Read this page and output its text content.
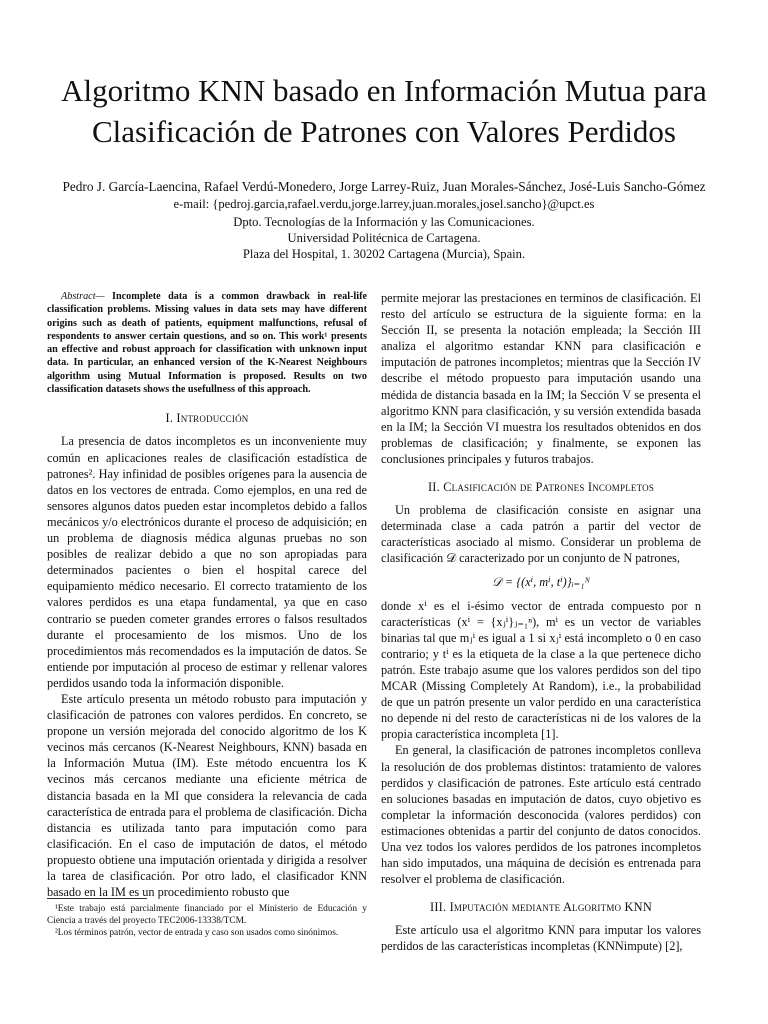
Algoritmo KNN basado en Información Mutua para Clasificación de Patrones con Valores Perdidos
Pedro J. García-Laencina, Rafael Verdú-Monedero, Jorge Larrey-Ruiz, Juan Morales-Sánchez, José-Luis Sancho-Gómez
e-mail: {pedroj.garcia,rafael.verdu,jorge.larrey,juan.morales,josel.sancho}@upct.es
Dpto. Tecnologías de la Información y las Comunicaciones.
Universidad Politécnica de Cartagena.
Plaza del Hospital, 1. 30202 Cartagena (Murcia), Spain.

Abstract— Incomplete data is a common drawback in real-life classification problems. Missing values in data sets may have different origins such as death of patients, equipment malfunctions, refusal of respondents to answer certain questions, and so on. This work¹ presents an effective and robust approach for classification with unknown input data. In particular, an enhanced version of the K-Nearest Neighbours algorithm using Mutual Information is proposed. Results on two classification datasets shows the usefullness of this approach.

I. Introducción

La presencia de datos incompletos es un inconveniente muy común en aplicaciones reales de clasificación estadística de patrones². Hay infinidad de posibles orígenes para la ausencia de datos en los vectores de entrada. Como ejemplos, en una red de sensores algunos datos pueden estar incompletos debido a fallos mecánicos y/o electrónicos durante el proceso de adquisición; en un problema de diagnosis médica algunas pruebas no son posibles de realizar debido a que no son apropiadas para determinados pacientes o bien el hospital carece del equipamiento médico necesario. El correcto tratamiento de los valores perdidos es una etapa fundamental, ya que en caso contrario se pueden cometer grandes errores o falsos resultados durante el procesamiento de los mismos. Uno de los procedimientos más recomendados es la imputación de datos. Se entiende por imputación al proceso de estimar y rellenar valores perdidos usando toda la información disponible.

Este artículo presenta un método robusto para imputación y clasificación de patrones con valores perdidos. En concreto, se propone un versión mejorada del conocido algoritmo de los K vecinos más cercanos (K-Nearest Neighbours, KNN) basada en la Información Mutua (IM). Este método encuentra los K vecinos más cercanos mediante una eficiente métrica de distancia basada en la MI que considera la relevancia de cada característica de entrada para el problema de clasificación. Dicha distancia es utilizada tanto para imputación como para clasificación. En el caso de imputación de datos, el método propuesto obtiene una imputación orientada y dirigida a resolver la tarea de clasificación. Por otro lado, el clasificador KNN basado en la IM es un procedimiento robusto que

permite mejorar las prestaciones en terminos de clasificación. El resto del artículo se estructura de la siguiente forma: en la Sección II, se presenta la notación empleada; la Sección III analiza el algoritmo estandar KNN para clasificación e imputación de patrones incompletos; mientras que la Sección IV describe el método propuesto para imputación usando una médida de distancia basada en la IM; la Sección V se presenta el algoritmo KNN para clasificación, y su versión extendida basada en la IM; la Sección VI muestra los resultados obtenidos en dos problemas de clasificación; y finalmente, se exponen las conclusiones principales y futuros trabajos.

II. Clasificación de Patrones Incompletos

Un problema de clasificación consiste en asignar una determinada clase a cada patrón a partir del vector de características asociado al mismo. Considerar un problema de clasificación 𝒟 caracterizado por un conjunto de N patrones,

𝒟 = {(xⁱ, mⁱ, tⁱ)}ᵢ₌₁ᴺ

donde xⁱ es el i-ésimo vector de entrada compuesto por n características (xⁱ = {xⱼⁱ}ⱼ₌₁ⁿ), mⁱ es un vector de variables binarias tal que mⱼⁱ es igual a 1 si xⱼⁱ está incompleto o 0 en caso contrario; y tⁱ es la etiqueta de la clase a la que pertenece dicho patrón. Este trabajo asume que los valores perdidos son del tipo MCAR (Missing Completely At Random), i.e., la probabilidad de que un patrón presente un valor perdido en una característica no depende ni del resto de características ni de los valores de la propia característica incompleta [1].

En general, la clasificación de patrones incompletos conlleva la resolución de dos problemas distintos: tratamiento de valores perdidos y clasificación de patrones. Este artículo está centrado en soluciones basadas en imputación de datos, cuyo objetivo es completar la información desconocida (valores perdidos) con estimaciones obtenidas a partir del conjunto de datos conocidos. Una vez todos los valores perdidos de los patrones incompletos han sido imputados, una máquina de decisión es entrenada para resolver el problema de clasificación.

III. Imputación mediante Algoritmo KNN

Este artículo usa el algoritmo KNN para imputar los valores perdidos de las características incompletas (KNNimpute) [2],

¹Este trabajo está parcialmente financiado por el Ministerio de Educación y Ciencia a través del proyecto TEC2006-13338/TCM.

²Los términos patrón, vector de entrada y caso son usados como sinónimos.
